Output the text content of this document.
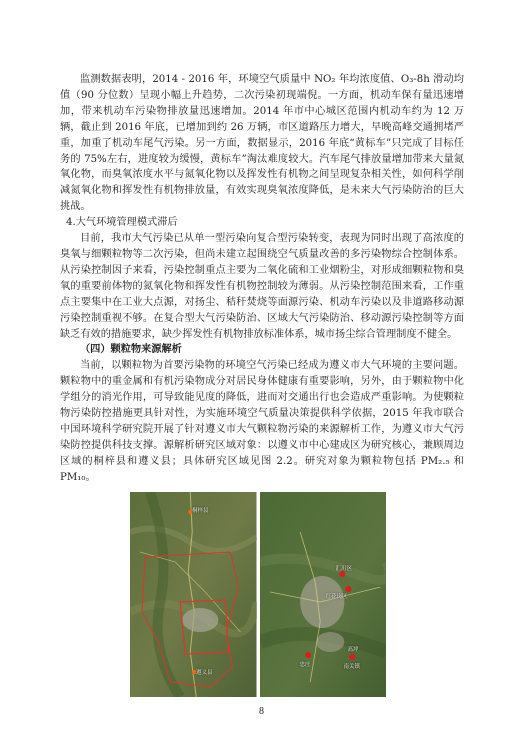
监测数据表明，2014 - 2016 年，环境空气质量中 NO₂ 年均浓度值、O₃-8h 滑动均值（90 分位数）呈现小幅上升趋势，二次污染初现端倪。一方面，机动车保有量迅速增加，带来机动车污染物排放量迅速增加。2014 年市中心城区范围内机动车约为 12 万辆，截止到 2016 年底，已增加到约 26 万辆，市区道路压力增大，早晚高峰交通拥堵严重，加重了机动车尾气污染。另一方面，数据显示，2016 年底“黄标车”只完成了目标任务的 75%左右，进度较为缓慢，黄标车”淘汰难度较大。汽车尾气排放量增加带来大量氮氧化物，而臭氧浓度水平与氮氧化物以及挥发性有机物之间呈现复杂相关性，如何科学削减氮氧化物和挥发性有机物排放量，有效实现臭氧浓度降低，是未来大气污染防治的巨大挑战。

4.大气环境管理模式滞后

目前，我市大气污染已从单一型污染向复合型污染转变，表现为同时出现了高浓度的臭氧与细颗粒物等二次污染，但尚未建立起围绕空气质量改善的多污染物综合控制体系。从污染控制因子来看，污染控制重点主要为二氧化硫和工业烟粉尘，对形成细颗粒物和臭氧的重要前体物的氮氧化物和挥发性有机物控制较为薄弱。从污染控制范围来看，工作重点主要集中在工业大点源，对扬尘、秸秆焚烧等面源污染、机动车污染以及非道路移动源污染控制重视不够。在复合型大气污染防治、区域大气污染防治、移动源污染控制等方面缺乏有效的措施要求，缺少挥发性有机物排放标准体系，城市扬尘综合管理制度不健全。

（四）颗粒物来源解析

当前，以颗粒物为首要污染物的环境空气污染已经成为遵义市大气环境的主要问题。颗粒物中的重金属和有机污染物成分对居民身体健康有重要影响，另外，由于颗粒物中化学组分的消光作用，可导致能见度的降低，进而对交通出行也会造成严重影响。为使颗粒物污染防控措施更具针对性，为实施环境空气质量决策提供科学依据，2015 年我市联合中国环境科学研究院开展了针对遵义市大气颗粒物污染的来源解析工作，为遵义市大气污染防控提供科技支撑。源解析研究区域对象：以遵义市中心建成区为研究核心，兼顾周边区域的桐梓县和遵义县；具体研究区域见图 2.2。研究对象为颗粒物包括 PM₂.₅ 和 PM₁₀。

桐梓县
遵义县
汇川区
红花岗区
忠庄
高坪
南关镇
8
